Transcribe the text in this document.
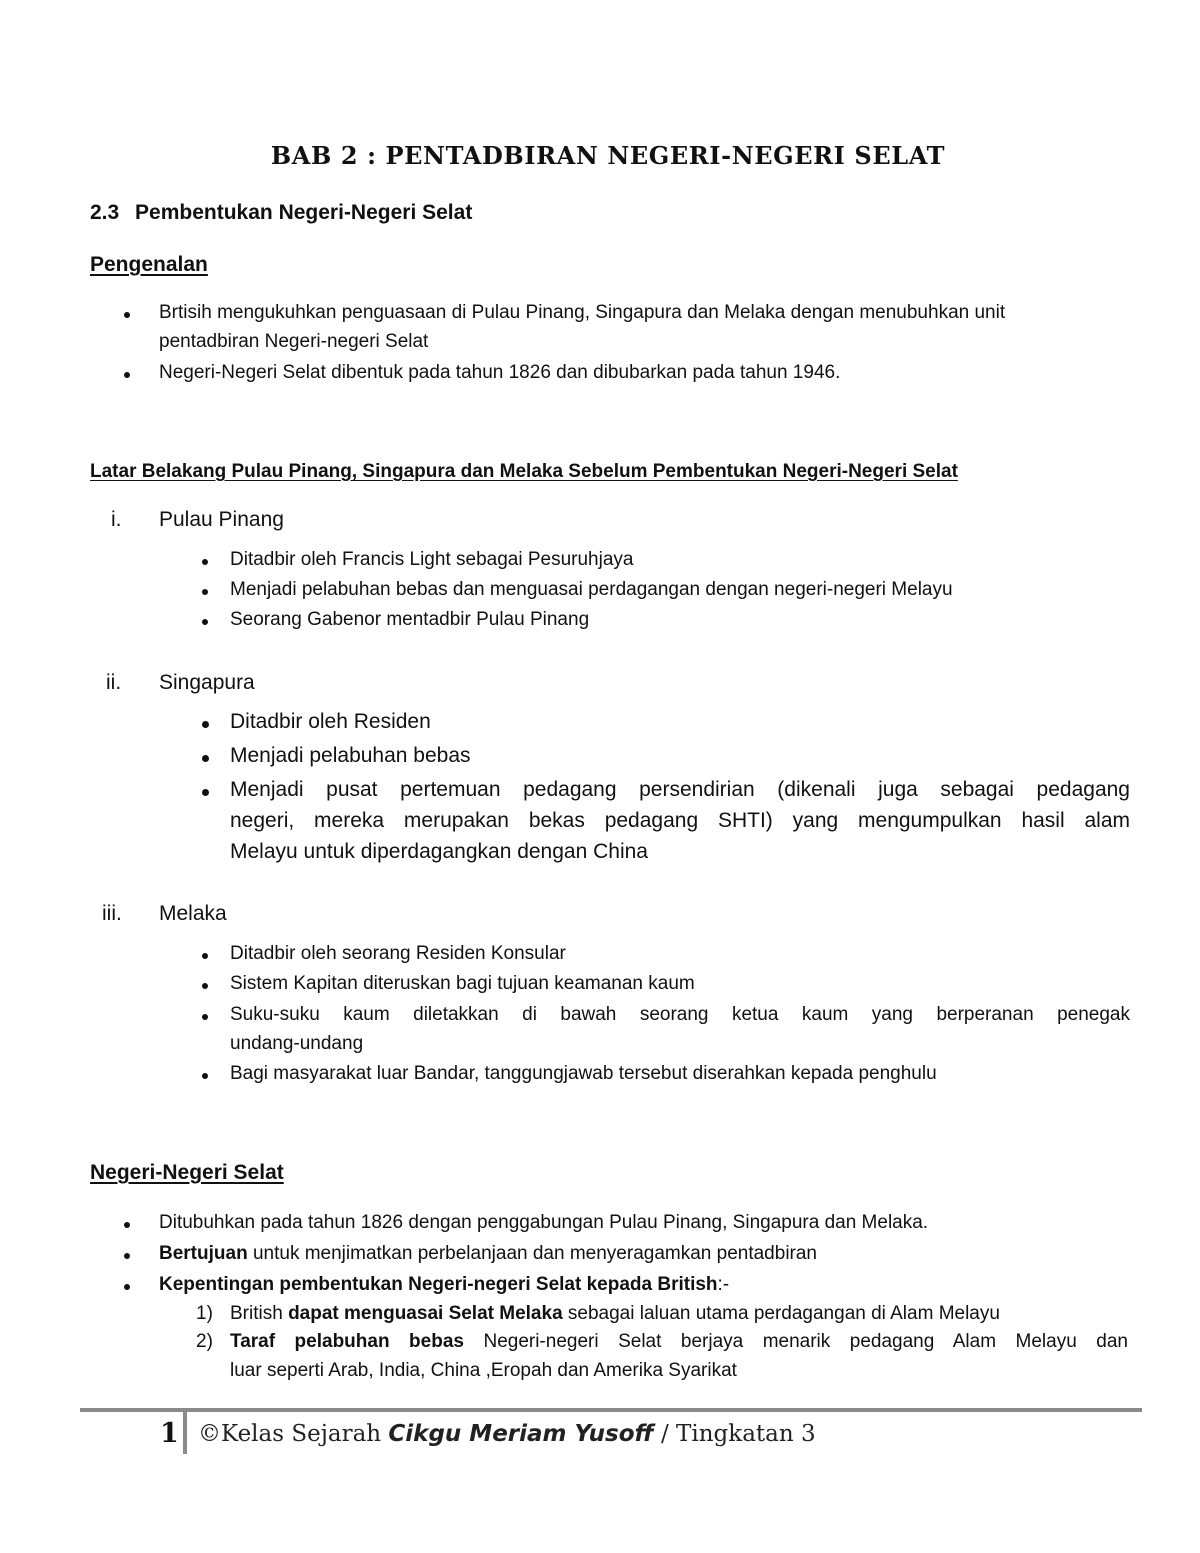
BAB 2 : PENTADBIRAN NEGERI-NEGERI SELAT
2.3 Pembentukan Negeri-Negeri Selat
Pengenalan
Brtisih mengukuhkan penguasaan di Pulau Pinang, Singapura dan Melaka dengan menubuhkan unit
pentadbiran Negeri-negeri Selat
Negeri-Negeri Selat dibentuk pada tahun 1826 dan dibubarkan pada tahun 1946.
Latar Belakang Pulau Pinang, Singapura dan Melaka Sebelum Pembentukan Negeri-Negeri Selat
i. Pulau Pinang
Ditadbir oleh Francis Light sebagai Pesuruhjaya
Menjadi pelabuhan bebas dan menguasai perdagangan dengan negeri-negeri Melayu
Seorang Gabenor mentadbir Pulau Pinang
ii. Singapura
Ditadbir oleh Residen
Menjadi pelabuhan bebas
Menjadi pusat pertemuan pedagang persendirian (dikenali juga sebagai pedagang
negeri, mereka merupakan bekas pedagang SHTI) yang mengumpulkan hasil alam
Melayu untuk diperdagangkan dengan China
iii. Melaka
Ditadbir oleh seorang Residen Konsular
Sistem Kapitan diteruskan bagi tujuan keamanan kaum
Suku-suku kaum diletakkan di bawah seorang ketua kaum yang berperanan penegak
undang-undang
Bagi masyarakat luar Bandar, tanggungjawab tersebut diserahkan kepada penghulu
Negeri-Negeri Selat
Ditubuhkan pada tahun 1826 dengan penggabungan Pulau Pinang, Singapura dan Melaka.
Bertujuan untuk menjimatkan perbelanjaan dan menyeragamkan pentadbiran
Kepentingan pembentukan Negeri-negeri Selat kepada British:-
1) British dapat menguasai Selat Melaka sebagai laluan utama perdagangan di Alam Melayu
2) Taraf pelabuhan bebas Negeri-negeri Selat berjaya menarik pedagang Alam Melayu dan
luar seperti Arab, India, China ,Eropah dan Amerika Syarikat
1 ©Kelas Sejarah Cikgu Meriam Yusoff / Tingkatan 3
